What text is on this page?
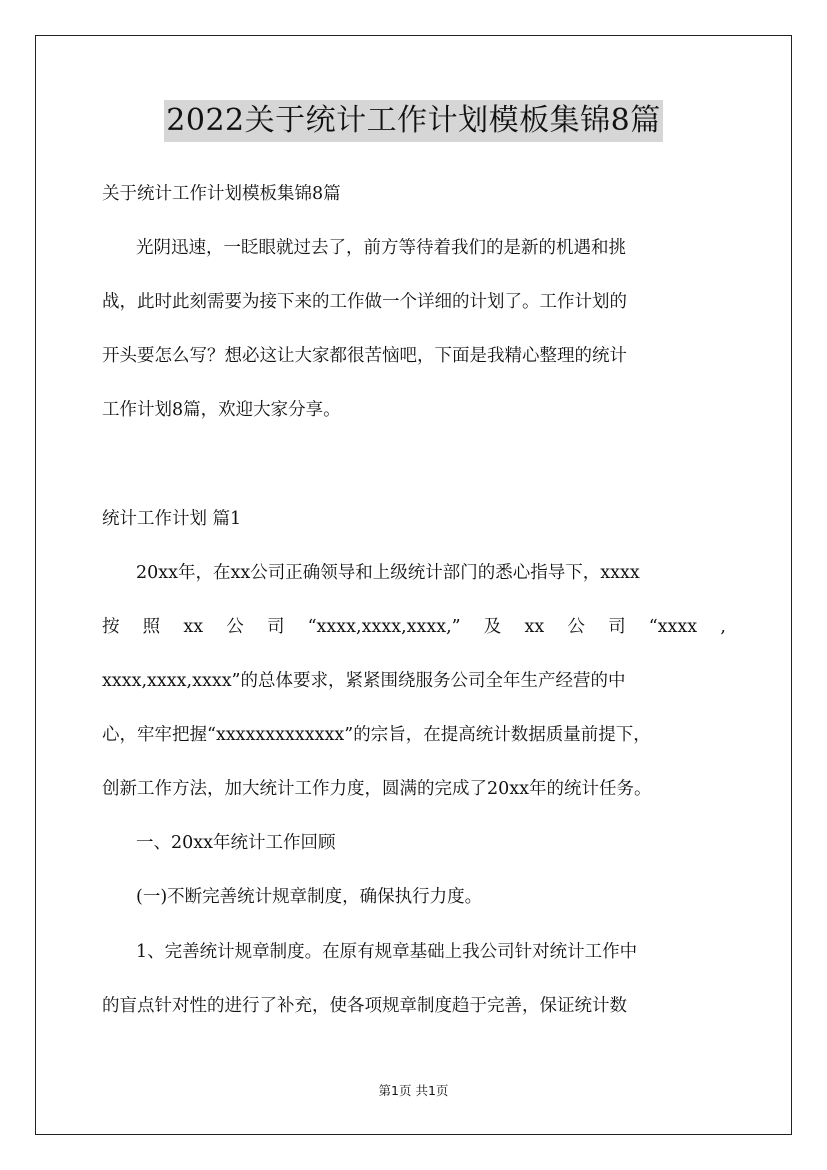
2022关于统计工作计划模板集锦8篇
关于统计工作计划模板集锦8篇
光阴迅速，一眨眼就过去了，前方等待着我们的是新的机遇和挑
战，此时此刻需要为接下来的工作做一个详细的计划了。工作计划的
开头要怎么写？想必这让大家都很苦恼吧，下面是我精心整理的统计
工作计划8篇，欢迎大家分享。
统计工作计划 篇1
20xx年，在xx公司正确领导和上级统计部门的悉心指导下，xxxx
按 照 xx 公 司 “xxxx,xxxx,xxxx,” 及 xx 公 司 “xxxx ,
xxxx,xxxx,xxxx”的总体要求，紧紧围绕服务公司全年生产经营的中
心，牢牢把握“xxxxxxxxxxxxx”的宗旨，在提高统计数据质量前提下，
创新工作方法，加大统计工作力度，圆满的完成了20xx年的统计任务。
一、20xx年统计工作回顾
(一)不断完善统计规章制度，确保执行力度。
1、完善统计规章制度。在原有规章基础上我公司针对统计工作中
的盲点针对性的进行了补充，使各项规章制度趋于完善，保证统计数
第1页 共1页
